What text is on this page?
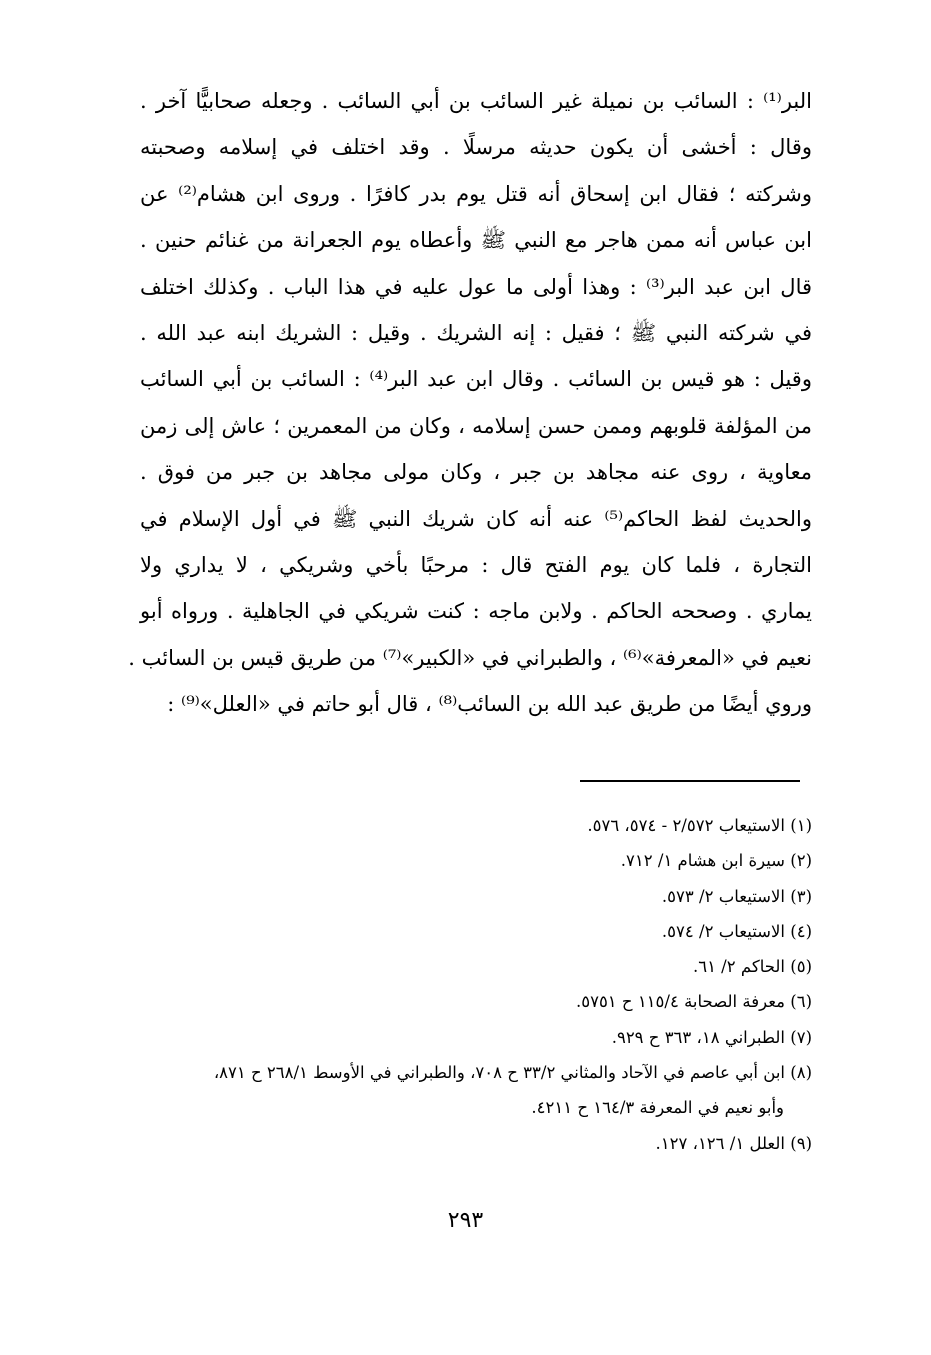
البر⁽¹⁾ : السائب بن نميلة غير السائب بن أبي السائب . وجعله صحابيًّا آخر .
وقال : أخشى أن يكون حديثه مرسلًا . وقد اختلف في إسلامه وصحبته
وشركته ؛ فقال ابن إسحاق أنه قتل يوم بدر كافرًا . وروى ابن هشام⁽²⁾ عن
ابن عباس أنه ممن هاجر مع النبي ﷺ وأعطاه يوم الجعرانة من غنائم حنين .
قال ابن عبد البر⁽³⁾ : وهذا أولى ما عول عليه في هذا الباب . وكذلك اختلف
في شركته النبي ﷺ ؛ فقيل : إنه الشريك . وقيل : الشريك ابنه عبد الله .
وقيل : هو قيس بن السائب . وقال ابن عبد البر⁽⁴⁾ : السائب بن أبي السائب
من المؤلفة قلوبهم وممن حسن إسلامه ، وكان من المعمرين ؛ عاش إلى زمن
معاوية ، روى عنه مجاهد بن جبر ، وكان مولى مجاهد بن جبر من فوق .
والحديث لفظ الحاكم⁽⁵⁾ عنه أنه كان شريك النبي ﷺ في أول الإسلام في
التجارة ، فلما كان يوم الفتح قال : مرحبًا بأخي وشريكي ، لا يداري ولا
يماري . وصححه الحاكم . ولابن ماجه : كنت شريكي في الجاهلية . ورواه أبو
نعيم في «المعرفة»⁽⁶⁾ ، والطبراني في «الكبير»⁽⁷⁾ من طريق قيس بن السائب .
وروي أيضًا من طريق عبد الله بن السائب⁽⁸⁾ ، قال أبو حاتم في «العلل»⁽⁹⁾ :
(١) الاستيعاب ٢/٥٧٢ - ٥٧٤، ٥٧٦.
(٢) سيرة ابن هشام ١/ ٧١٢.
(٣) الاستيعاب ٢/ ٥٧٣.
(٤) الاستيعاب ٢/ ٥٧٤.
(٥) الحاكم ٢/ ٦١.
(٦) معرفة الصحابة ١١٥/٤ ح ٥٧٥١.
(٧) الطبراني ١٨، ٣٦٣ ح ٩٢٩.
(٨) ابن أبي عاصم في الآحاد والمثاني ٣٣/٢ ح ٧٠٨، والطبراني في الأوسط ٢٦٨/١ ح ٨٧١،
وأبو نعيم في المعرفة ١٦٤/٣ ح ٤٢١١.
(٩) العلل ١/ ١٢٦، ١٢٧.
٢٩٣
